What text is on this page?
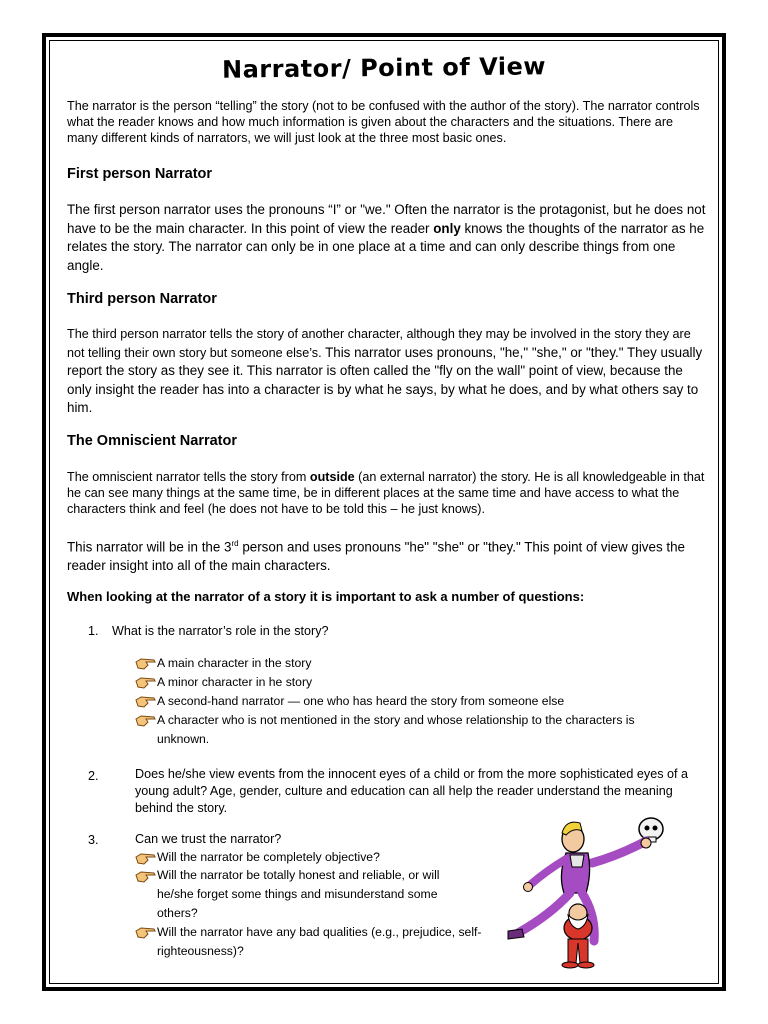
Narrator/ Point of View
The narrator is the person “telling” the story (not to be confused with the author of the story). The narrator controls what the reader knows and how much information is given about the characters and the situations. There are many different kinds of narrators, we will just look at the three most basic ones.
First person Narrator
The first person narrator uses the pronouns “I” or "we." Often the narrator is the protagonist, but he does not have to be the main character. In this point of view the reader only knows the thoughts of the narrator as he relates the story. The narrator can only be in one place at a time and can only describe things from one angle.
Third person Narrator
The third person narrator tells the story of another character, although they may be involved in the story they are not telling their own story but someone else’s. This narrator uses pronouns, "he," "she," or "they." They usually report the story as they see it. This narrator is often called the "fly on the wall" point of view, because the only insight the reader has into a character is by what he says, by what he does, and by what others say to him.
The Omniscient Narrator
The omniscient narrator tells the story from outside (an external narrator) the story. He is all knowledgeable in that he can see many things at the same time, be in different places at the same time and have access to what the characters think and feel (he does not have to be told this – he just knows).
This narrator will be in the 3rd person and uses pronouns "he" "she" or "they." This point of view gives the reader insight into all of the main characters.
When looking at the narrator of a story it is important to ask a number of questions:
1. What is the narrator’s role in the story?
A main character in the story
A minor character in he story
A second-hand narrator — one who has heard the story from someone else
A character who is not mentioned in the story and whose relationship to the characters is unknown.
2.	Does he/she view events from the innocent eyes of a child or from the more sophisticated eyes of a young adult? Age, gender, culture and education can all help the reader understand the meaning behind the story.
3.	Can we trust the narrator?
Will the narrator be completely objective?
Will the narrator be totally honest and reliable, or will he/she forget some things and misunderstand some others?
Will the narrator have any bad qualities (e.g., prejudice, self-righteousness)?
